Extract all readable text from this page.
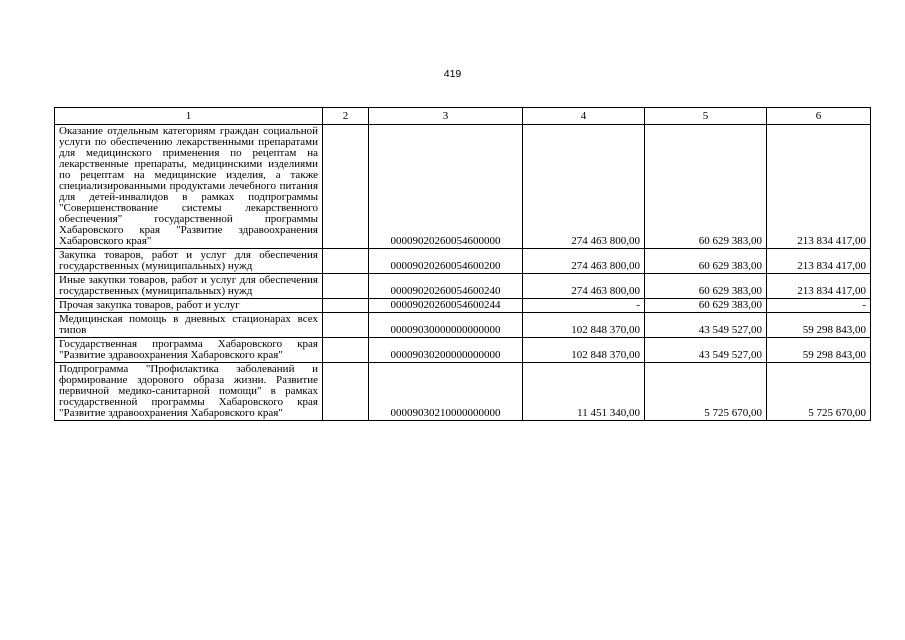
419
1	2	3	4	5	6
Оказание отдельным категориям граждан социальной услуги по обеспечению лекарственными препаратами для медицинского применения по рецептам на лекарственные препараты, медицинскими изделиями по рецептам на медицинские изделия, а также специализированными продуктами лечебного питания для детей-инвалидов в рамках подпрограммы "Совершенствование системы лекарственного обеспечения" государственной программы Хабаровского края "Развитие здравоохранения Хабаровского края"		00009020260054600000	274 463 800,00	60 629 383,00	213 834 417,00
Закупка товаров, работ и услуг для обеспечения государственных (муниципальных) нужд		00009020260054600200	274 463 800,00	60 629 383,00	213 834 417,00
Иные закупки товаров, работ и услуг для обеспечения государственных (муниципальных) нужд		00009020260054600240	274 463 800,00	60 629 383,00	213 834 417,00
Прочая закупка товаров, работ и услуг		00009020260054600244	-	60 629 383,00	-
Медицинская помощь в дневных стационарах всех типов		00009030000000000000	102 848 370,00	43 549 527,00	59 298 843,00
Государственная программа Хабаровского края "Развитие здравоохранения Хабаровского края"		00009030200000000000	102 848 370,00	43 549 527,00	59 298 843,00
Подпрограмма "Профилактика заболеваний и формирование здорового образа жизни. Развитие первичной медико-санитарной помощи" в рамках государственной программы Хабаровского края "Развитие здравоохранения Хабаровского края"		00009030210000000000	11 451 340,00	5 725 670,00	5 725 670,00
